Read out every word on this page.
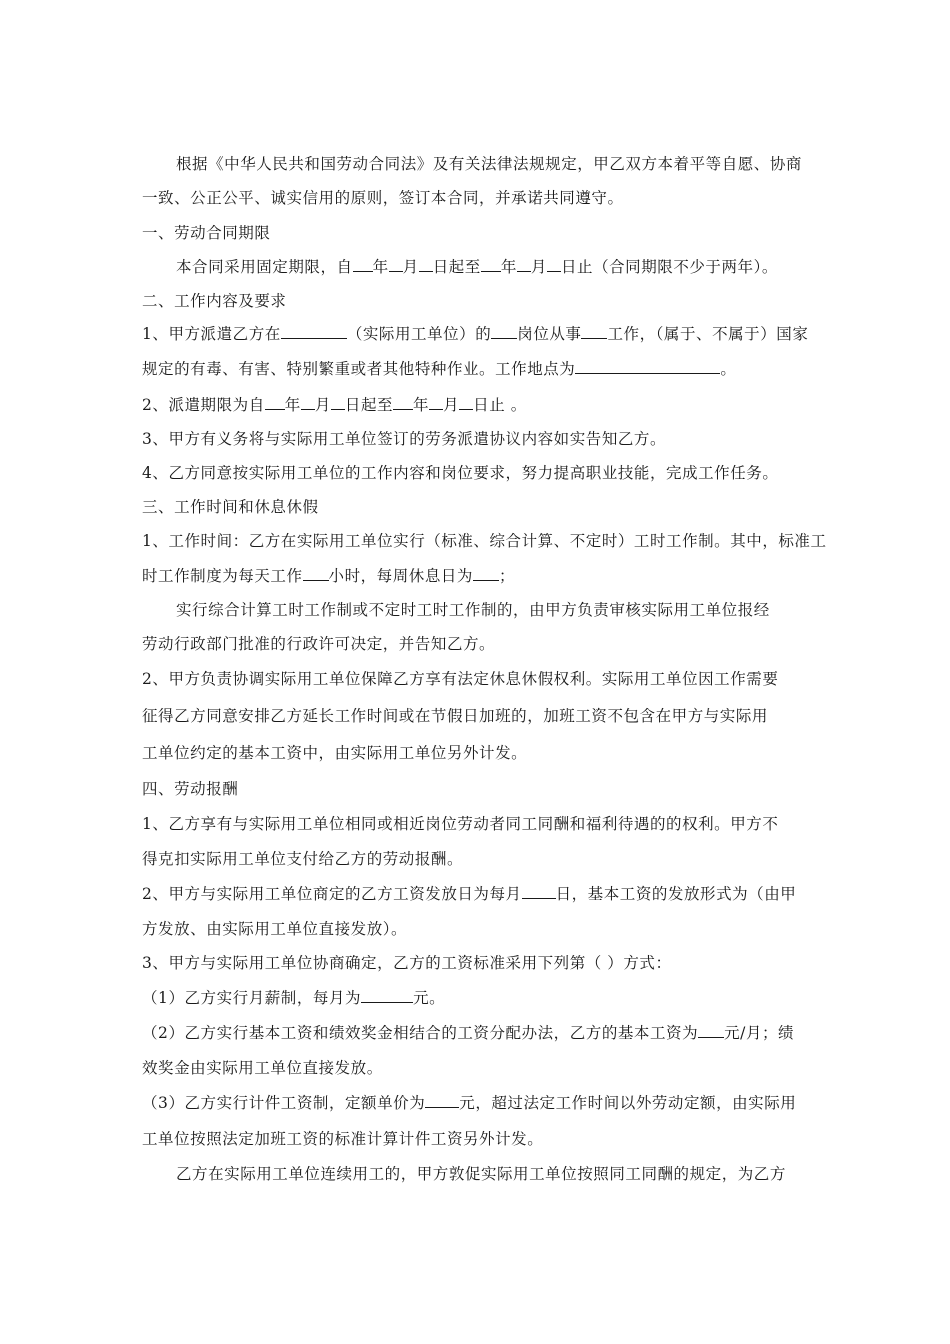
根据《中华人民共和国劳动合同法》及有关法律法规规定，甲乙双方本着平等自愿、协商
一致、公正公平、诚实信用的原则，签订本合同，并承诺共同遵守。
一、劳动合同期限
本合同采用固定期限，自 年 月 日起至 年 月 日止（合同期限不少于两年）。
二、工作内容及要求
1、甲方派遣乙方在	（实际用工单位）的 岗位从事 工作，（属于、不属于）国家
规定的有毒、有害、特别繁重或者其他特种作业。工作地点为	。
2、派遣期限为自 年 月 日起至 年 月 日止 。
3、甲方有义务将与实际用工单位签订的劳务派遣协议内容如实告知乙方。
4、乙方同意按实际用工单位的工作内容和岗位要求，努力提高职业技能，完成工作任务。
三、工作时间和休息休假
1、工作时间：乙方在实际用工单位实行（标准、综合计算、不定时）工时工作制。其中，标准工
时工作制度为每天工作 小时，每周休息日为 ；
实行综合计算工时工作制或不定时工时工作制的，由甲方负责审核实际用工单位报经
劳动行政部门批准的行政许可决定，并告知乙方。
2、甲方负责协调实际用工单位保障乙方享有法定休息休假权利。实际用工单位因工作需要
征得乙方同意安排乙方延长工作时间或在节假日加班的，加班工资不包含在甲方与实际用
工单位约定的基本工资中，由实际用工单位另外计发。
四、劳动报酬
1、乙方享有与实际用工单位相同或相近岗位劳动者同工同酬和福利待遇的的权利。甲方不
得克扣实际用工单位支付给乙方的劳动报酬。
2、甲方与实际用工单位商定的乙方工资发放日为每月 日，基本工资的发放形式为（由甲
方发放、由实际用工单位直接发放）。
3、甲方与实际用工单位协商确定，乙方的工资标准采用下列第（ ）方式：
（1）乙方实行月薪制，每月为	元。
（2）乙方实行基本工资和绩效奖金相结合的工资分配办法，乙方的基本工资为 元/月；绩
效奖金由实际用工单位直接发放。
（3）乙方实行计件工资制，定额单价为 元，超过法定工作时间以外劳动定额，由实际用
工单位按照法定加班工资的标准计算计件工资另外计发。
乙方在实际用工单位连续用工的，甲方敦促实际用工单位按照同工同酬的规定，为乙方
